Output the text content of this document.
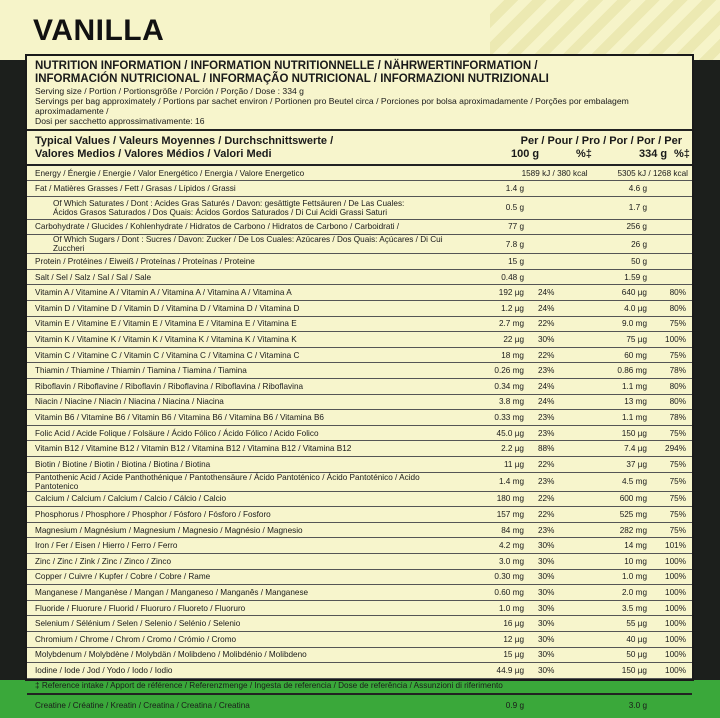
VANILLA
NUTRITION INFORMATION / INFORMATION NUTRITIONNELLE / NÄHRWERTINFORMATION /
INFORMACIÓN NUTRICIONAL / INFORMAÇÃO NUTRICIONAL / INFORMAZIONI NUTRIZIONALI
Serving size / Portion / Portionsgröße / Porción / Porção / Dose : 334 g
Servings per bag approximately / Portions par sachet environ / Portionen pro Beutel circa / Porciones por bolsa aproximadamente / Porções por embalagem aproximadamente /
Dosi per sacchetto approssimativamente: 16
Typical Values / Valeurs Moyennes / Durchschnittswerte /
Valores Medios / Valores Médios / Valori Medi
Per / Pour / Pro / Por / Por / Per
100 g	%‡	334 g %‡
Energy / Énergie / Energie / Valor Energético / Energia / Valore Energetico	1589 kJ / 380 kcal		5305 kJ / 1268 kcal	

Fat / Matières Grasses / Fett / Grasas / Lípidos / Grassi	1.4 g		4.6 g	

Of Which Saturates / Dont : Acides Gras Saturés / Davon: gesättigte Fettsäuren / De Las Cuales:
Ácidos Grasos Saturados / Dos Quais: Ácidos Gordos Saturados / Di Cui Acidi Grassi Saturi	0.5 g		1.7 g	

Carbohydrate / Glucides / Kohlenhydrate / Hidratos de Carbono / Hidratos de Carbono / Carboidrati /	77 g		256 g	

Of Which Sugars / Dont : Sucres / Davon: Zucker / De Los Cuales: Azúcares / Dos Quais: Açúcares / Di Cui Zuccheri	7.8 g		26 g	

Protein / Protéines / Eiweiß / Proteínas / Proteínas / Proteine	15 g		50 g	

Salt / Sel / Salz / Sal / Sal / Sale	0.48 g		1.59 g	
Vitamin A / Vitamine A / Vitamin A / Vitamina A / Vitamina A / Vitamina A	192 µg	24%	640 µg	80%
Vitamin D / Vitamine D / Vitamin D / Vitamina D / Vitamina D / Vitamina D	1.2 µg	24%	4.0 µg	80%
Vitamin E / Vitamine E / Vitamin E / Vitamina E / Vitamina E / Vitamina E	2.7 mg	22%	9.0 mg	75%
Vitamin K / Vitamine K / Vitamin K / Vitamina K / Vitamina K / Vitamina K	22 µg	30%	75 µg	100%
Vitamin C / Vitamine C / Vitamin C / Vitamina C / Vitamina C / Vitamina C	18 mg	22%	60 mg	75%
Thiamin / Thiamine / Thiamin / Tiamina / Tiamina / Tiamina	0.26 mg	23%	0.86 mg	78%
Riboflavin / Riboflavine / Riboflavin / Riboflavina / Riboflavina / Riboflavina	0.34 mg	24%	1.1 mg	80%
Niacin / Niacine / Niacin / Niacina / Niacina / Niacina	3.8 mg	24%	13 mg	80%
Vitamin B6 / Vitamine B6 / Vitamin B6 / Vitamina B6 / Vitamina B6 / Vitamina B6	0.33 mg	23%	1.1 mg	78%
Folic Acid / Acide Folique / Folsäure / Ácido Fólico / Ácido Fólico / Acido Folico	45.0 µg	23%	150 µg	75%
Vitamin B12 / Vitamine B12 / Vitamin B12 / Vitamina B12 / Vitamina B12 / Vitamina B12	2.2 µg	88%	7.4 µg	294%
Biotin / Biotine / Biotin / Biotina / Biotina / Biotina	11 µg	22%	37 µg	75%
Pantothenic Acid / Acide Panthothénique / Pantothensäure / Ácido Pantoténico / Ácido Pantoténico / Acido Pantotenico	1.4 mg	23%	4.5 mg	75%
Calcium / Calcium / Calcium / Calcio / Cálcio / Calcio	180 mg	22%	600 mg	75%
Phosphorus / Phosphore / Phosphor / Fósforo / Fósforo / Fosforo	157 mg	22%	525 mg	75%
Magnesium / Magnésium / Magnesium / Magnesio / Magnésio / Magnesio	84 mg	23%	282 mg	75%
Iron / Fer / Eisen / Hierro / Ferro / Ferro	4.2 mg	30%	14 mg	101%
Zinc / Zinc / Zink / Zinc / Zinco / Zinco	3.0 mg	30%	10 mg	100%
Copper / Cuivre / Kupfer / Cobre / Cobre / Rame	0.30 mg	30%	1.0 mg	100%
Manganese / Manganèse / Mangan / Manganeso / Manganês / Manganese	0.60 mg	30%	2.0 mg	100%
Fluoride / Fluorure / Fluorid / Fluoruro / Fluoreto / Fluoruro	1.0 mg	30%	3.5 mg	100%
Selenium / Sélénium / Selen / Selenio / Selénio / Selenio	16 µg	30%	55 µg	100%
Chromium / Chrome / Chrom / Cromo / Crómio / Cromo	12 µg	30%	40 µg	100%
Molybdenum / Molybdène / Molybdän / Molibdeno / Molibdénio / Molibdeno	15 µg	30%	50 µg	100%
Iodine / Iode / Jod / Yodo / Iodo / Iodio	44.9 µg	30%	150 µg	100%
‡ Reference intake / Apport de référence / Referenzmenge / Ingesta de referencia / Dose de referência / Assunzioni di riferimento				
Creatine / Créatine / Kreatin / Creatina / Creatina / Creatina	0.9 g		3.0 g	
